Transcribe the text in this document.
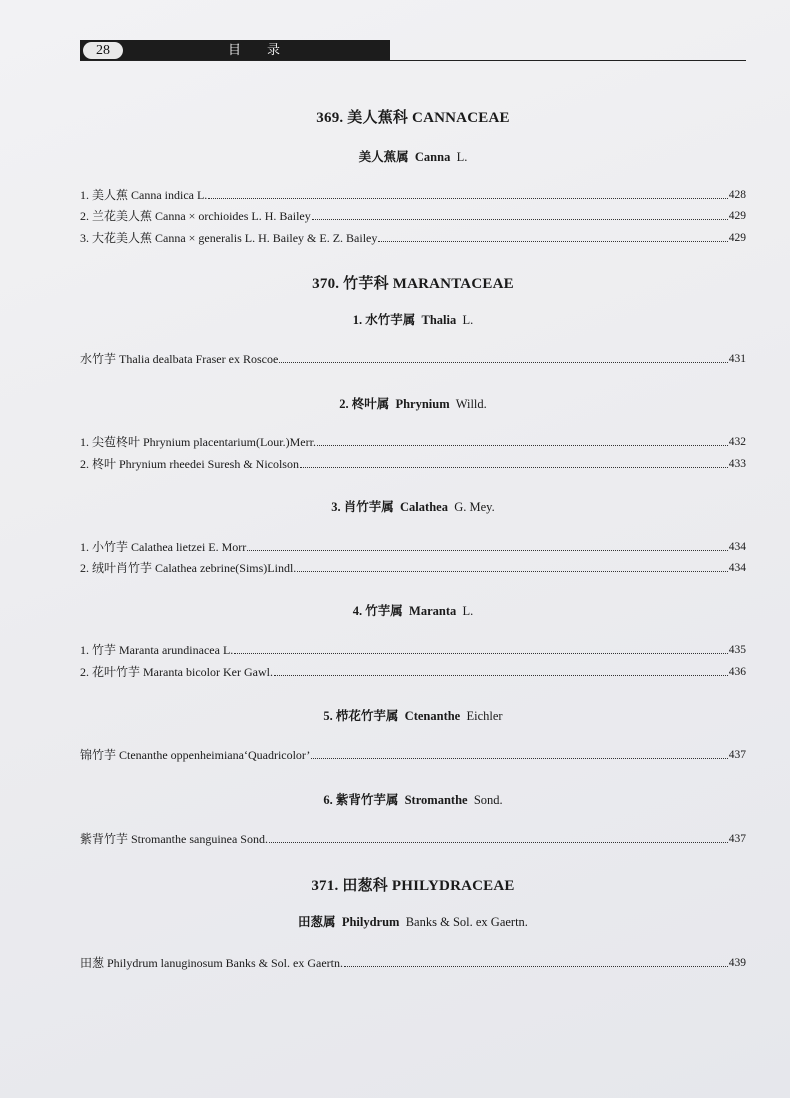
28	目录
369. 美人蕉科 CANNACEAE
美人蕉属 Canna L.
1. 美人蕉 Canna indica L.	428
2. 兰花美人蕉 Canna × orchioides L. H. Bailey	429
3. 大花美人蕉 Canna × generalis L. H. Bailey & E. Z. Bailey	429
370. 竹芋科 MARANTACEAE
1. 水竹芋属 Thalia L.
水竹芋 Thalia dealbata Fraser ex Roscoe	431
2. 柊叶属 Phrynium Willd.
1. 尖苞柊叶 Phrynium placentarium(Lour.)Merr.	432
2. 柊叶 Phrynium rheedei Suresh & Nicolson	433
3. 肖竹芋属 Calathea G. Mey.
1. 小竹芋 Calathea lietzei E. Morr	434
2. 绒叶肖竹芋 Calathea zebrine(Sims)Lindl.	434
4. 竹芋属 Maranta L.
1. 竹芋 Maranta arundinacea L.	435
2. 花叶竹芋 Maranta bicolor Ker Gawl.	436
5. 栉花竹芋属 Ctenanthe Eichler
锦竹芋 Ctenanthe oppenheimiana‘Quadricolor’	437
6. 紫背竹芋属 Stromanthe Sond.
紫背竹芋 Stromanthe sanguinea Sond.	437
371. 田葱科 PHILYDRACEAE
田葱属 Philydrum Banks & Sol. ex Gaertn.
田葱 Philydrum lanuginosum Banks & Sol. ex Gaertn.	439
